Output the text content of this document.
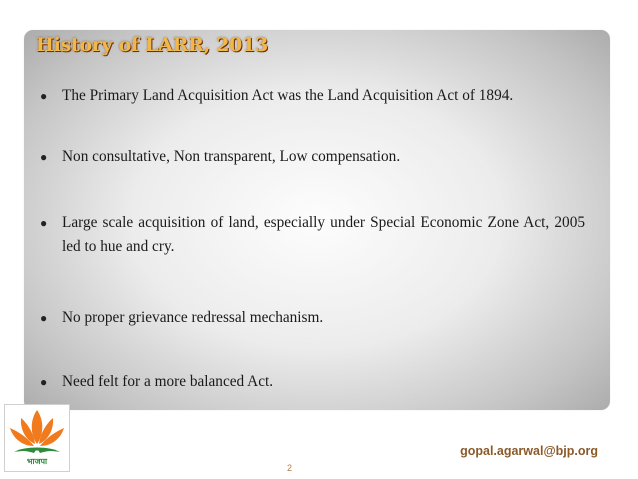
History of LARR, 2013
● The Primary Land Acquisition Act was the Land Acquisition Act of 1894.
● Non consultative, Non transparent, Low compensation.
● Large scale acquisition of land, especially under Special Economic Zone Act, 2005 led to hue and cry.
● No proper grievance redressal mechanism.
● Need felt for a more balanced Act.
भाजपा
gopal.agarwal@bjp.org
2
